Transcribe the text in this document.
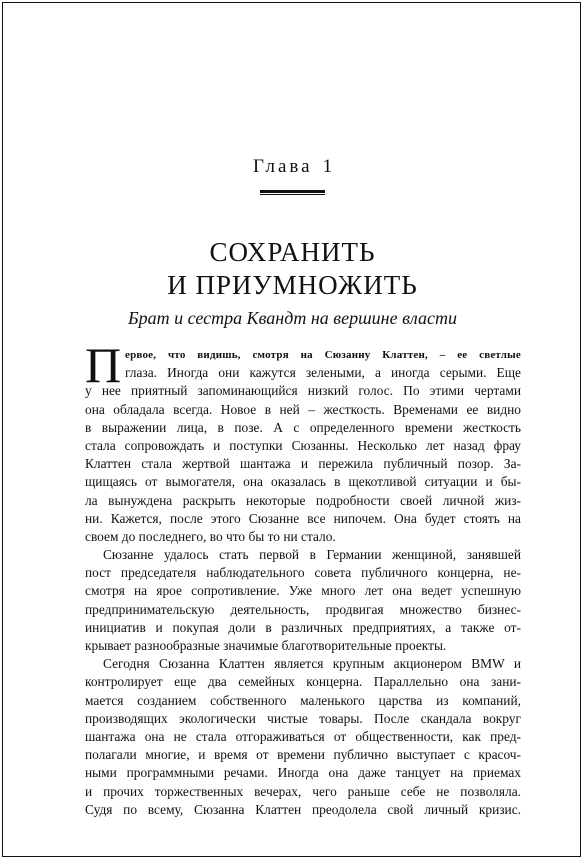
Глава 1
СОХРАНИТЬ
И ПРИУМНОЖИТЬ
Брат и сестра Квандт на вершине власти
П ервое, что видишь, смотря на Сюзанну Клаттен, – ее светлые
глаза. Иногда они кажутся зелеными, а иногда серыми. Еще
у нее приятный запоминающийся низкий голос. По этими чертами
она обладала всегда. Новое в ней – жесткость. Временами ее видно
в выражении лица, в позе. А с определенного времени жесткость
стала сопровождать и поступки Сюзанны. Несколько лет назад фрау
Клаттен стала жертвой шантажа и пережила публичный позор. За-
щищаясь от вымогателя, она оказалась в щекотливой ситуации и бы-
ла вынуждена раскрыть некоторые подробности своей личной жиз-
ни. Кажется, после этого Сюзанне все нипочем. Она будет стоять на
своем до последнего, во что бы то ни стало.
Сюзанне удалось стать первой в Германии женщиной, занявшей
пост председателя наблюдательного совета публичного концерна, не-
смотря на ярое сопротивление. Уже много лет она ведет успешную
предпринимательскую деятельность, продвигая множество бизнес-
инициатив и покупая доли в различных предприятиях, а также от-
крывает разнообразные значимые благотворительные проекты.
Сегодня Сюзанна Клаттен является крупным акционером BMW и
контролирует еще два семейных концерна. Параллельно она зани-
мается созданием собственного маленького царства из компаний,
производящих экологически чистые товары. После скандала вокруг
шантажа она не стала отгораживаться от общественности, как пред-
полагали многие, и время от времени публично выступает с красоч-
ными программными речами. Иногда она даже танцует на приемах
и прочих торжественных вечерах, чего раньше себе не позволяла.
Судя по всему, Сюзанна Клаттен преодолела свой личный кризис.
